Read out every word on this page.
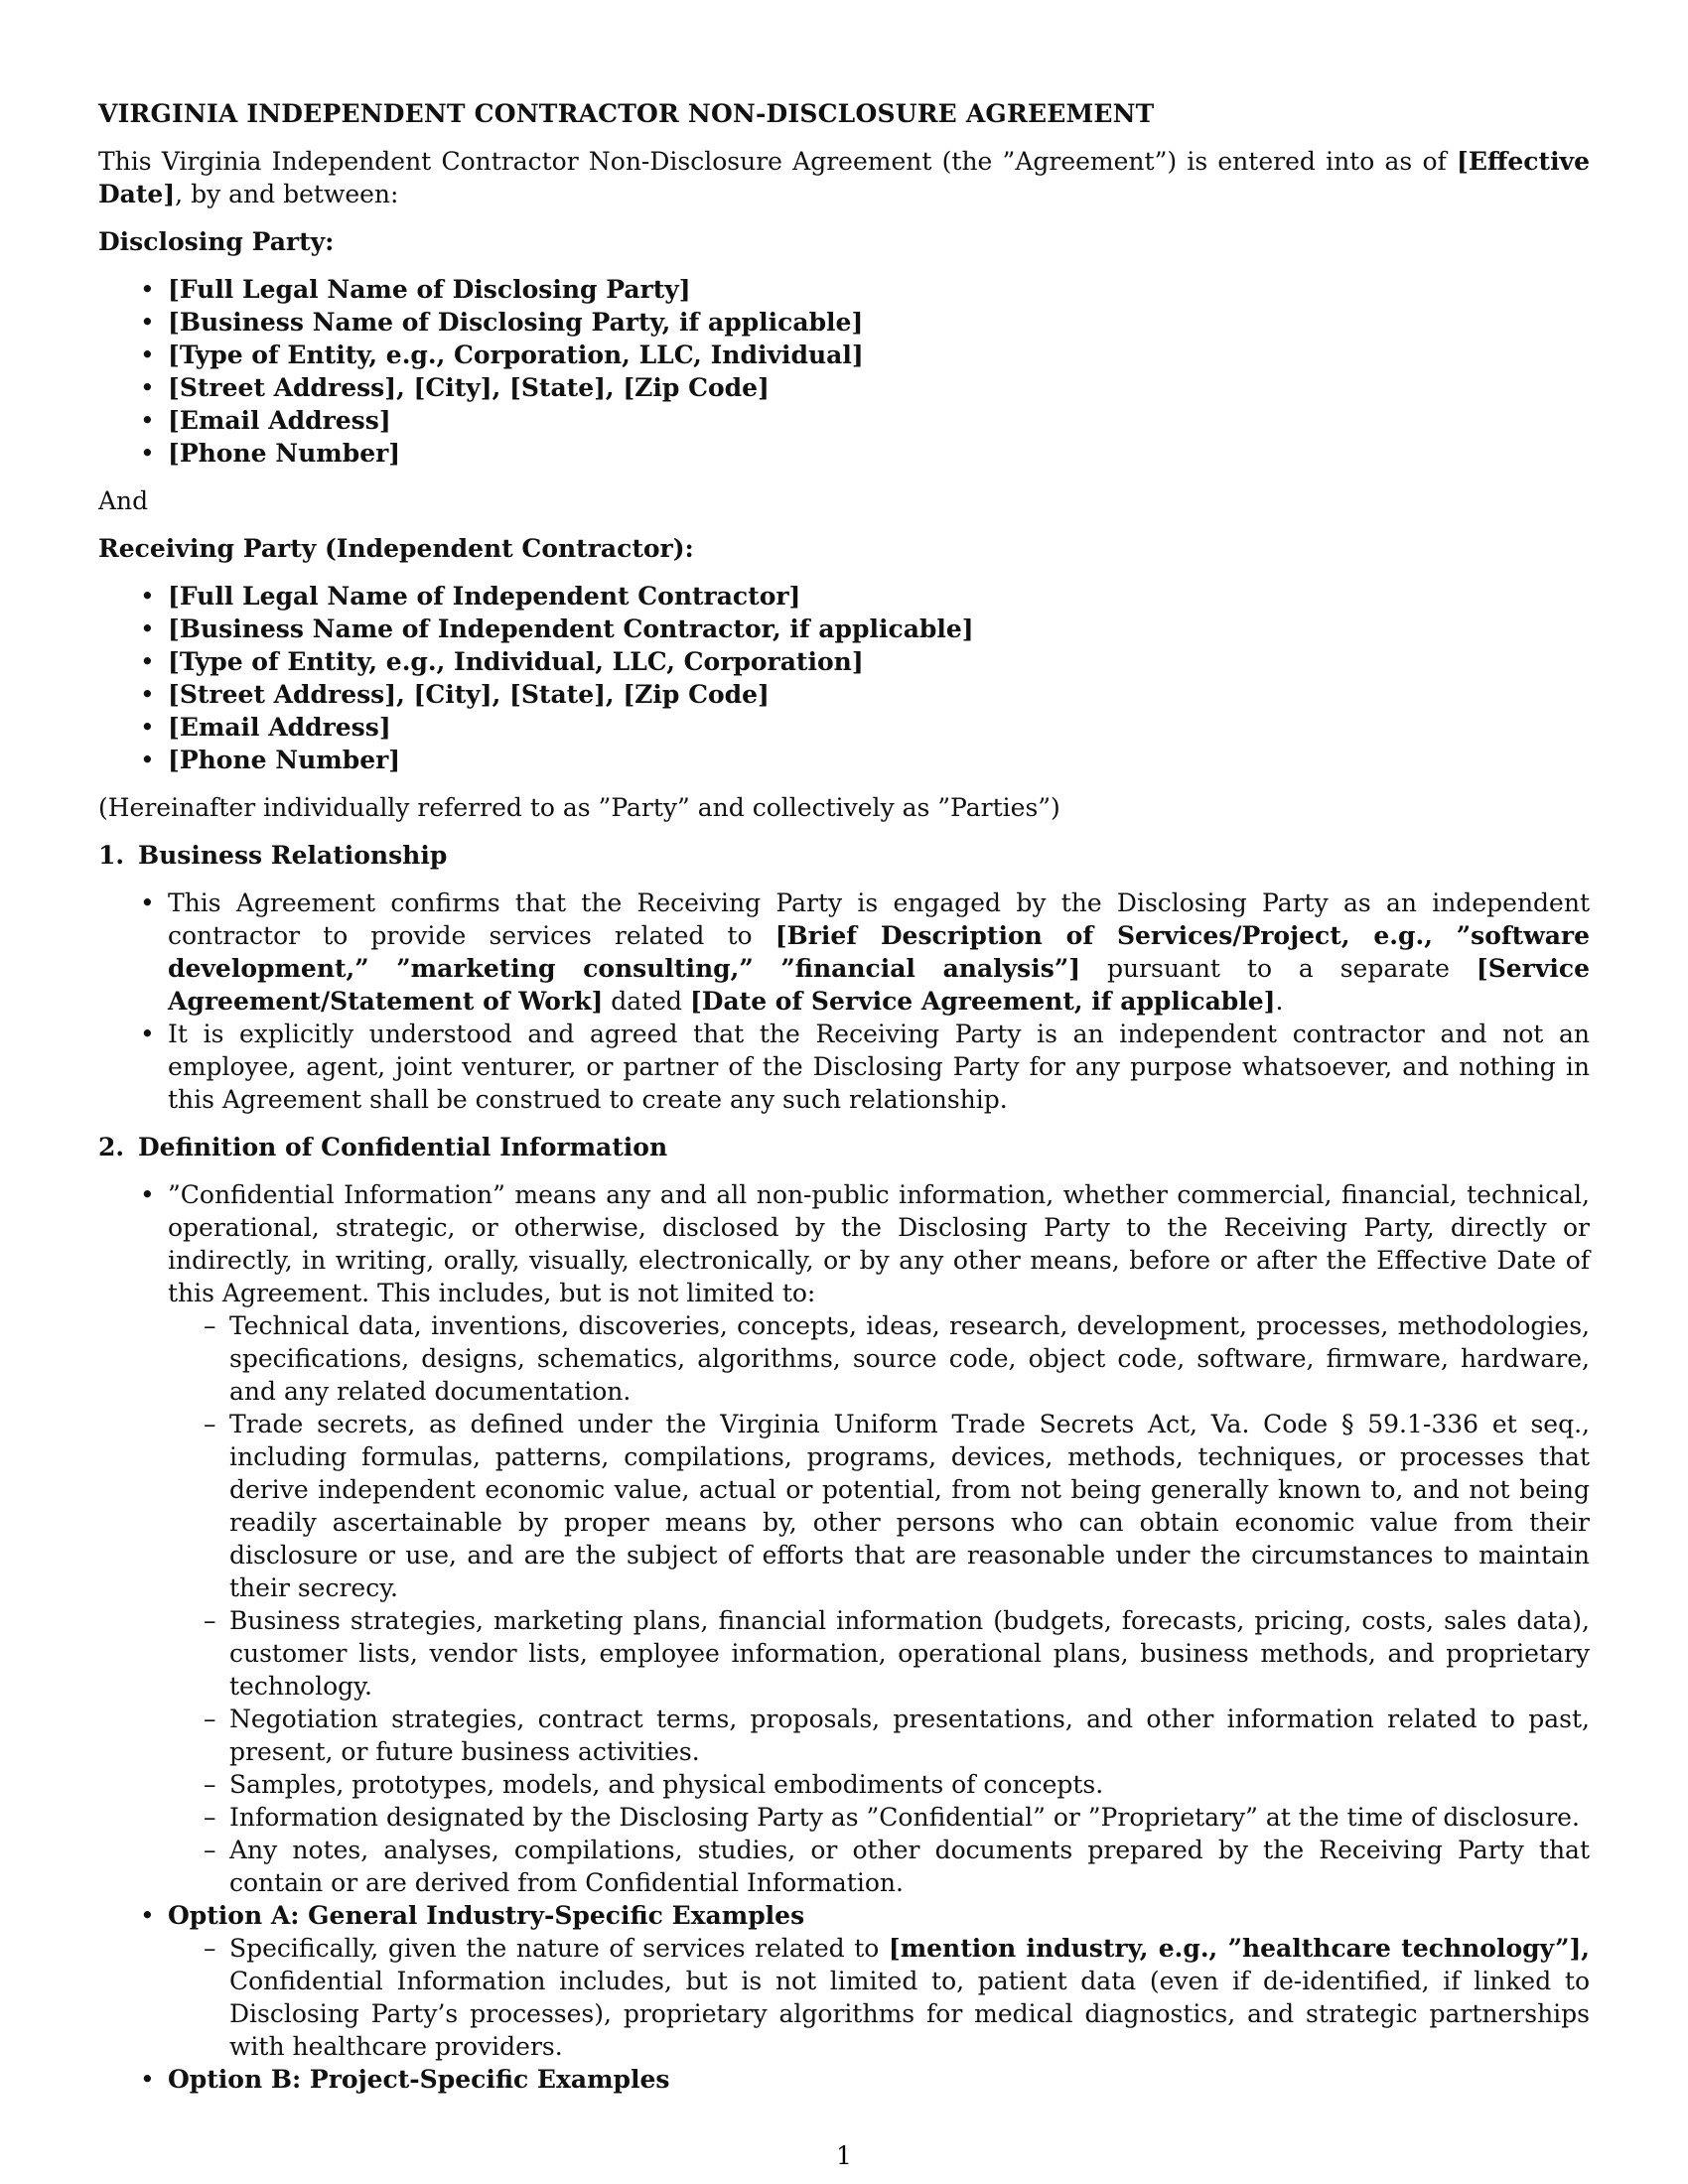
VIRGINIA INDEPENDENT CONTRACTOR NON-DISCLOSURE AGREEMENT

This Virginia Independent Contractor Non-Disclosure Agreement (the ”Agreement”) is entered into as of [Effective Date], by and between:

Disclosing Party:

• [Full Legal Name of Disclosing Party]
• [Business Name of Disclosing Party, if applicable]
• [Type of Entity, e.g., Corporation, LLC, Individual]
• [Street Address], [City], [State], [Zip Code]
• [Email Address]
• [Phone Number]

And

Receiving Party (Independent Contractor):

• [Full Legal Name of Independent Contractor]
• [Business Name of Independent Contractor, if applicable]
• [Type of Entity, e.g., Individual, LLC, Corporation]
• [Street Address], [City], [State], [Zip Code]
• [Email Address]
• [Phone Number]

(Hereinafter individually referred to as ”Party” and collectively as ”Parties”)

1. Business Relationship

• This Agreement confirms that the Receiving Party is engaged by the Disclosing Party as an independent contractor to provide services related to [Brief Description of Services/Project, e.g., ”software development,” ”marketing consulting,” ”financial analysis”] pursuant to a separate [Service Agreement/Statement of Work] dated [Date of Service Agreement, if applicable].
• It is explicitly understood and agreed that the Receiving Party is an independent contractor and not an employee, agent, joint venturer, or partner of the Disclosing Party for any purpose whatsoever, and nothing in this Agreement shall be construed to create any such relationship.

2. Definition of Confidential Information

• ”Confidential Information” means any and all non-public information, whether commercial, financial, technical, operational, strategic, or otherwise, disclosed by the Disclosing Party to the Receiving Party, directly or indirectly, in writing, orally, visually, electronically, or by any other means, before or after the Effective Date of this Agreement. This includes, but is not limited to:
– Technical data, inventions, discoveries, concepts, ideas, research, development, processes, methodologies, specifications, designs, schematics, algorithms, source code, object code, software, firmware, hardware, and any related documentation.
– Trade secrets, as defined under the Virginia Uniform Trade Secrets Act, Va. Code § 59.1-336 et seq., including formulas, patterns, compilations, programs, devices, methods, techniques, or processes that derive independent economic value, actual or potential, from not being generally known to, and not being readily ascertainable by proper means by, other persons who can obtain economic value from their disclosure or use, and are the subject of efforts that are reasonable under the circumstances to maintain their secrecy.
– Business strategies, marketing plans, financial information (budgets, forecasts, pricing, costs, sales data), customer lists, vendor lists, employee information, operational plans, business methods, and proprietary technology.
– Negotiation strategies, contract terms, proposals, presentations, and other information related to past, present, or future business activities.
– Samples, prototypes, models, and physical embodiments of concepts.
– Information designated by the Disclosing Party as ”Confidential” or ”Proprietary” at the time of disclosure.
– Any notes, analyses, compilations, studies, or other documents prepared by the Receiving Party that contain or are derived from Confidential Information.
• Option A: General Industry-Specific Examples
– Specifically, given the nature of services related to [mention industry, e.g., ”healthcare technology”], Confidential Information includes, but is not limited to, patient data (even if de-identified, if linked to Disclosing Party’s processes), proprietary algorithms for medical diagnostics, and strategic partnerships with healthcare providers.
• Option B: Project-Specific Examples
1
